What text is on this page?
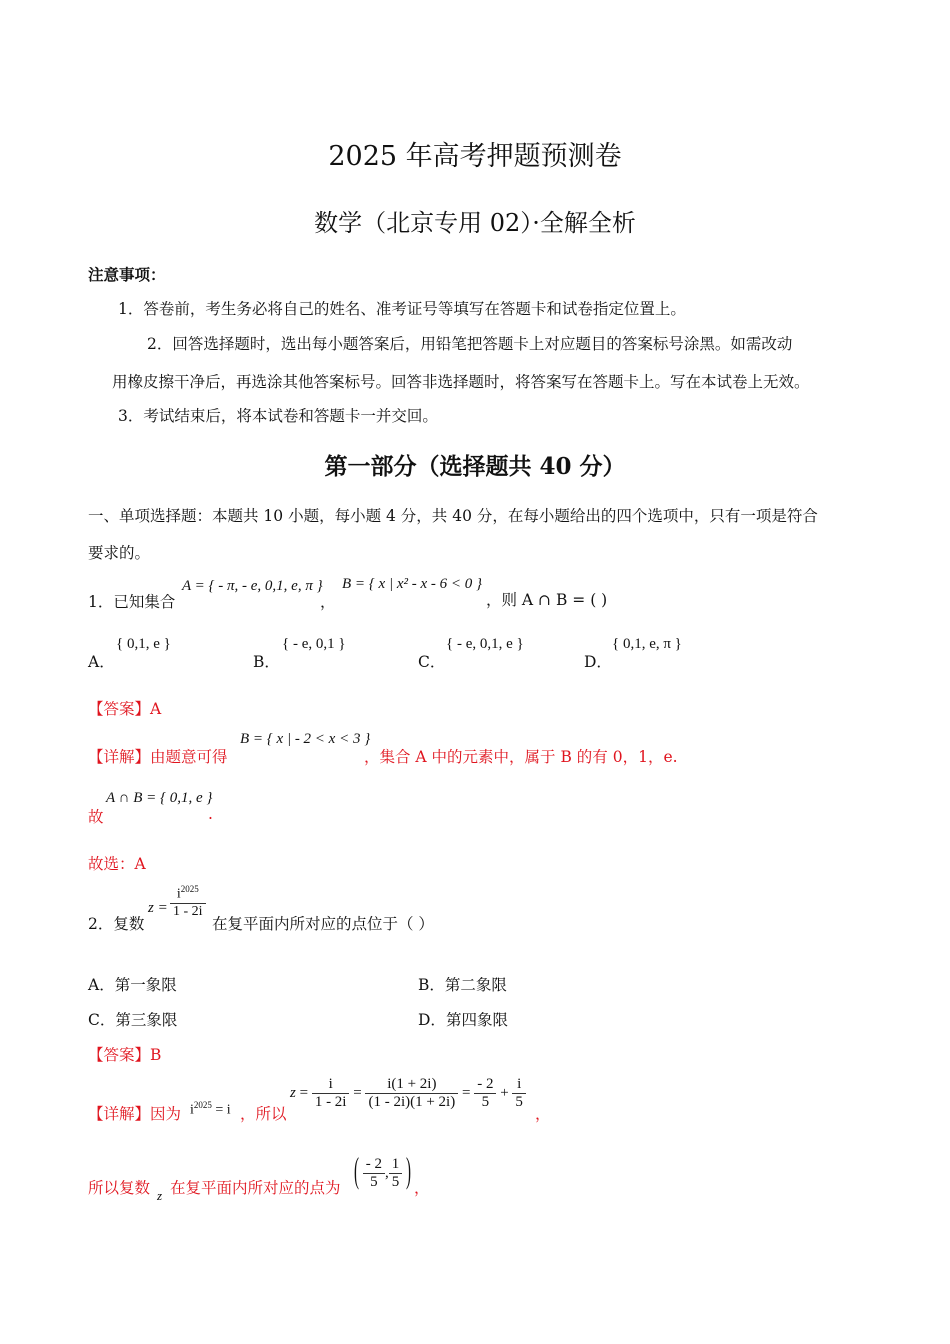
2025 年高考押题预测卷
数学（北京专用 02）·全解全析
注意事项：
1．答卷前，考生务必将自己的姓名、准考证号等填写在答题卡和试卷指定位置上。
2．回答选择题时，选出每小题答案后，用铅笔把答题卡上对应题目的答案标号涂黑。如需改动
用橡皮擦干净后，再选涂其他答案标号。回答非选择题时，将答案写在答题卡上。写在本试卷上无效。
3．考试结束后，将本试卷和答题卡一并交回。
第一部分（选择题共 40 分）
一、单项选择题：本题共 10 小题，每小题 4 分，共 40 分，在每小题给出的四个选项中，只有一项是符合
要求的。
1．已知集合
A = { - π, - e, 0,1, e, π }
，
B = { x | x² - x - 6 < 0 }
，则 A ∩ B = ( )
A．
{ 0,1, e }
B．
{ - e, 0,1 }
C．
{ - e, 0,1, e }
D．
{ 0,1, e, π }
【答案】A
【详解】由题意可得
B = { x | - 2 < x < 3 }
，集合 A 中的元素中，属于 B 的有 0，1，e.
故
A ∩ B = { 0,1, e }
.
故选：A
2．复数
$z = \frac{i^{2025}}{1 - 2i}$
在复平面内所对应的点位于（ ）
A．第一象限	B．第二象限
C．第三象限	D．第四象限
【答案】B
【详解】因为 $i^{2025} = i$ ，所以
$z = \frac{i}{1 - 2i} = \frac{i(1 + 2i)}{(1 - 2i)(1 + 2i)} = \frac{- 2}{5} + \frac{i}{5}$
，
所以复数 z 在复平面内所对应的点为 ( $\frac{- 2}{5}$ , $\frac{1}{5}$ ) ，
